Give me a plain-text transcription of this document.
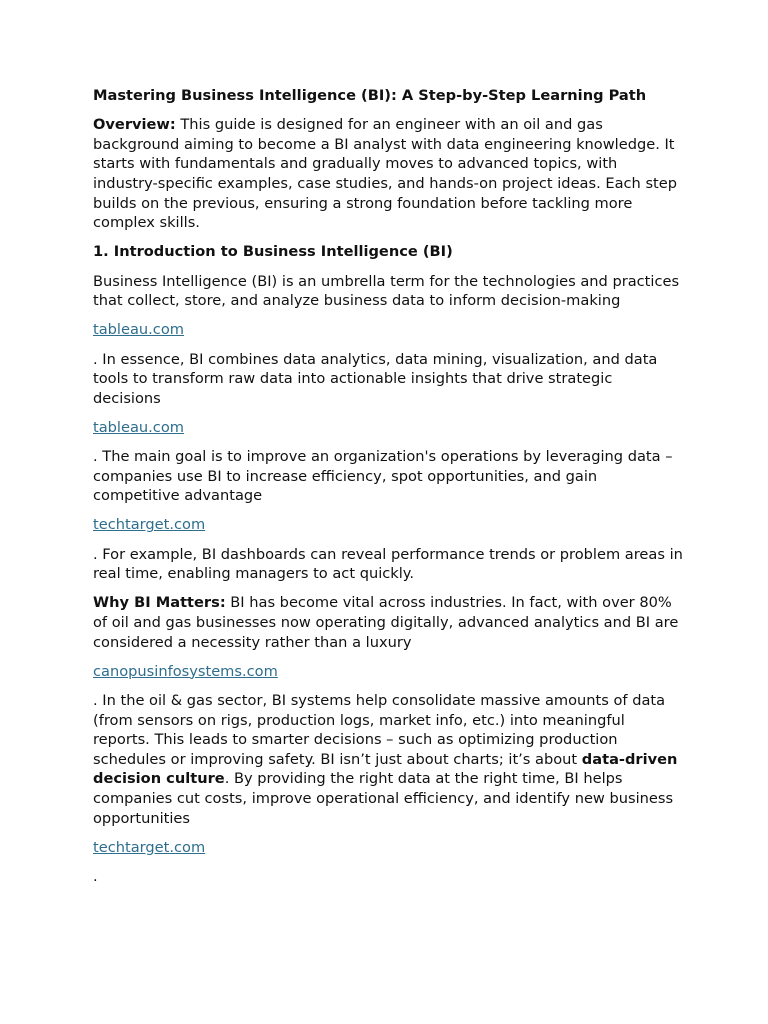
Mastering Business Intelligence (BI): A Step-by-Step Learning Path

Overview: This guide is designed for an engineer with an oil and gas background aiming to become a BI analyst with data engineering knowledge. It starts with fundamentals and gradually moves to advanced topics, with industry-specific examples, case studies, and hands-on project ideas. Each step builds on the previous, ensuring a strong foundation before tackling more complex skills.

1. Introduction to Business Intelligence (BI)

Business Intelligence (BI) is an umbrella term for the technologies and practices that collect, store, and analyze business data to inform decision-making

tableau.com

. In essence, BI combines data analytics, data mining, visualization, and data tools to transform raw data into actionable insights that drive strategic decisions

tableau.com

. The main goal is to improve an organization's operations by leveraging data – companies use BI to increase efficiency, spot opportunities, and gain competitive advantage

techtarget.com

. For example, BI dashboards can reveal performance trends or problem areas in real time, enabling managers to act quickly.

Why BI Matters: BI has become vital across industries. In fact, with over 80% of oil and gas businesses now operating digitally, advanced analytics and BI are considered a necessity rather than a luxury

canopusinfosystems.com

. In the oil & gas sector, BI systems help consolidate massive amounts of data (from sensors on rigs, production logs, market info, etc.) into meaningful reports. This leads to smarter decisions – such as optimizing production schedules or improving safety. BI isn’t just about charts; it’s about data-driven decision culture. By providing the right data at the right time, BI helps companies cut costs, improve operational efficiency, and identify new business opportunities

techtarget.com

.
